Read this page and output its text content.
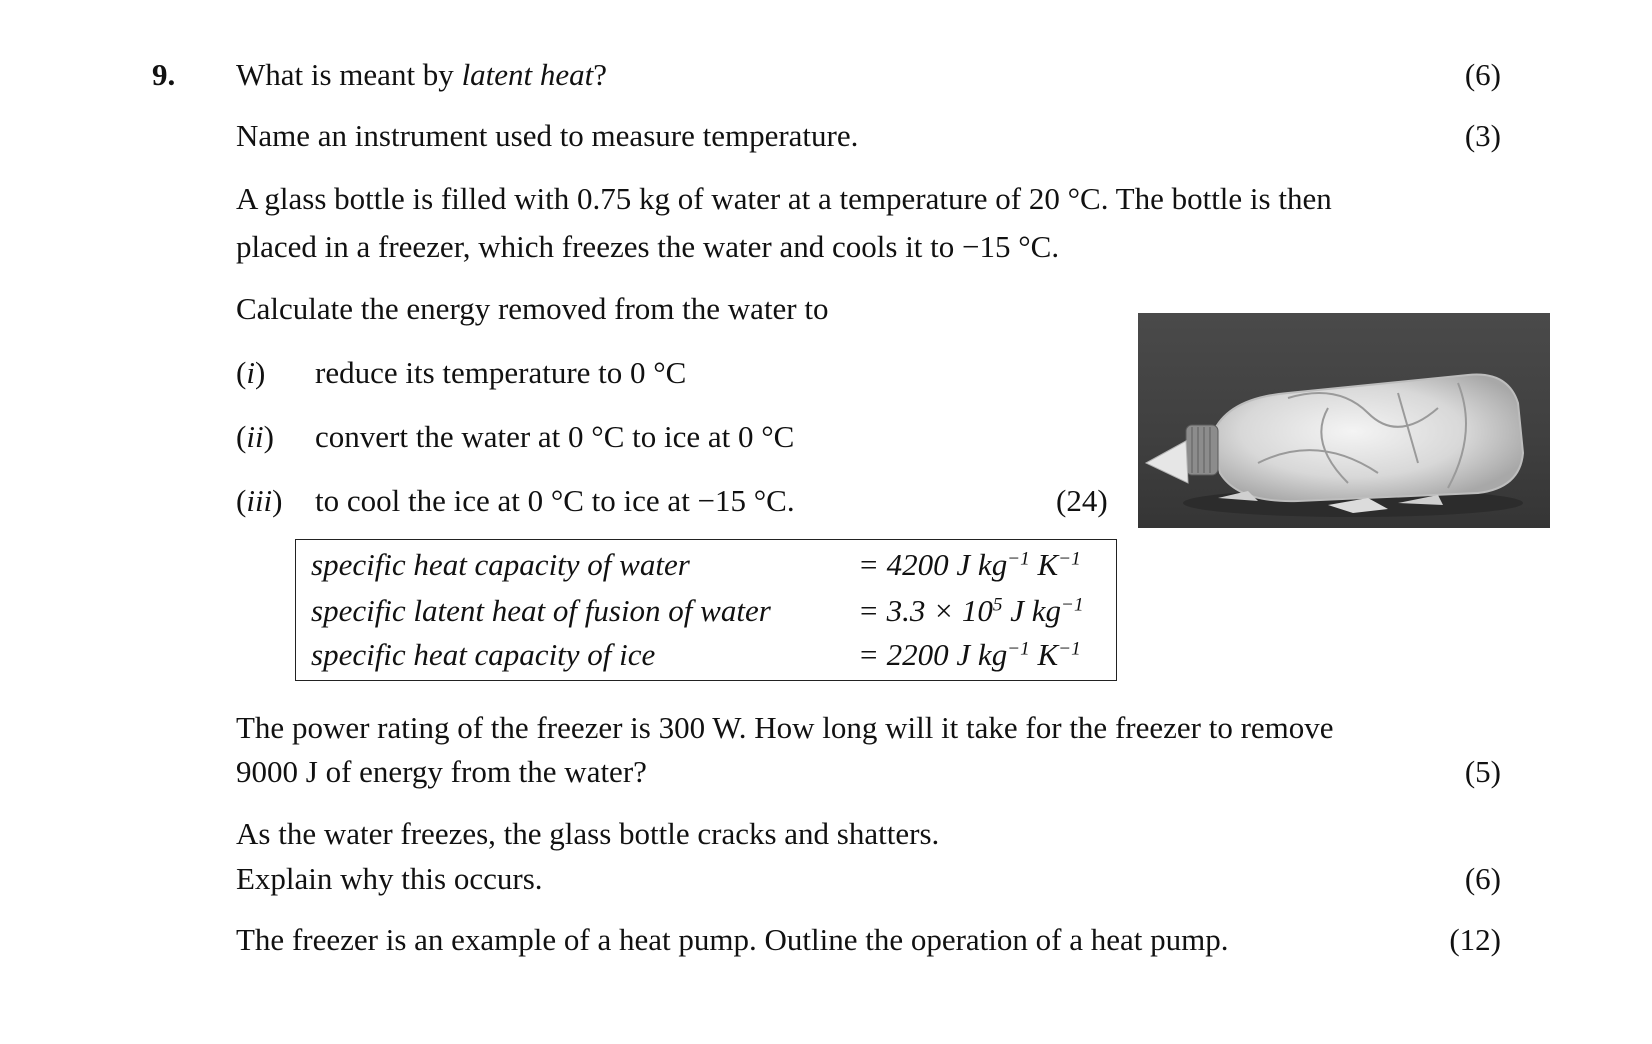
9. What is meant by latent heat?	(6)
Name an instrument used to measure temperature.	(3)
A glass bottle is filled with 0.75 kg of water at a temperature of 20 °C. The bottle is then
placed in a freezer, which freezes the water and cools it to −15 °C.
Calculate the energy removed from the water to
(i) reduce its temperature to 0 °C
(ii) convert the water at 0 °C to ice at 0 °C
(iii) to cool the ice at 0 °C to ice at −15 °C.	(24)
specific heat capacity of water	= 4200 J $kg^{-1}$ $K^{-1}$
specific latent heat of fusion of water	= $3.3 \times 10^5$ J $kg^{-1}$
specific heat capacity of ice	= 2200 J $kg^{-1}$ $K^{-1}$
The power rating of the freezer is 300 W. How long will it take for the freezer to remove
9000 J of energy from the water?	(5)
As the water freezes, the glass bottle cracks and shatters.
Explain why this occurs.	(6)
The freezer is an example of a heat pump. Outline the operation of a heat pump.	(12)
